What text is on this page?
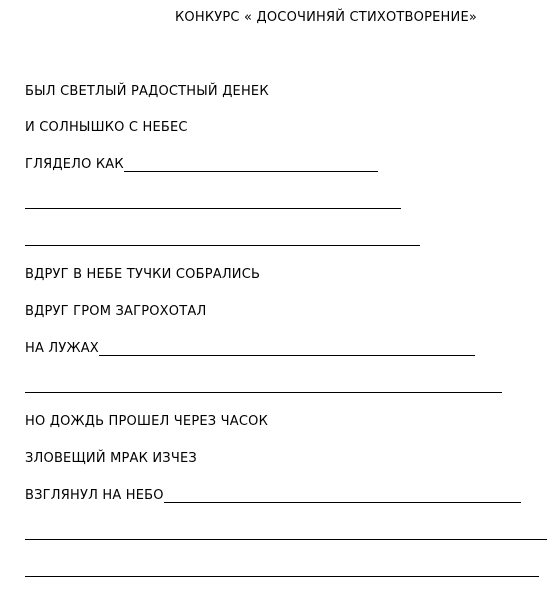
КОНКУРС « ДОСОЧИНЯЙ СТИХОТВОРЕНИЕ»
БЫЛ СВЕТЛЫЙ РАДОСТНЫЙ ДЕНЕК
И СОЛНЫШКО С НЕБЕС
ГЛЯДЕЛО КАК
ВДРУГ В НЕБЕ ТУЧКИ СОБРАЛИСЬ
ВДРУГ ГРОМ ЗАГРОХОТАЛ
НА ЛУЖАХ
НО ДОЖДЬ ПРОШЕЛ ЧЕРЕЗ ЧАСОК
ЗЛОВЕЩИЙ МРАК ИЗЧЕЗ
ВЗГЛЯНУЛ НА НЕБО
